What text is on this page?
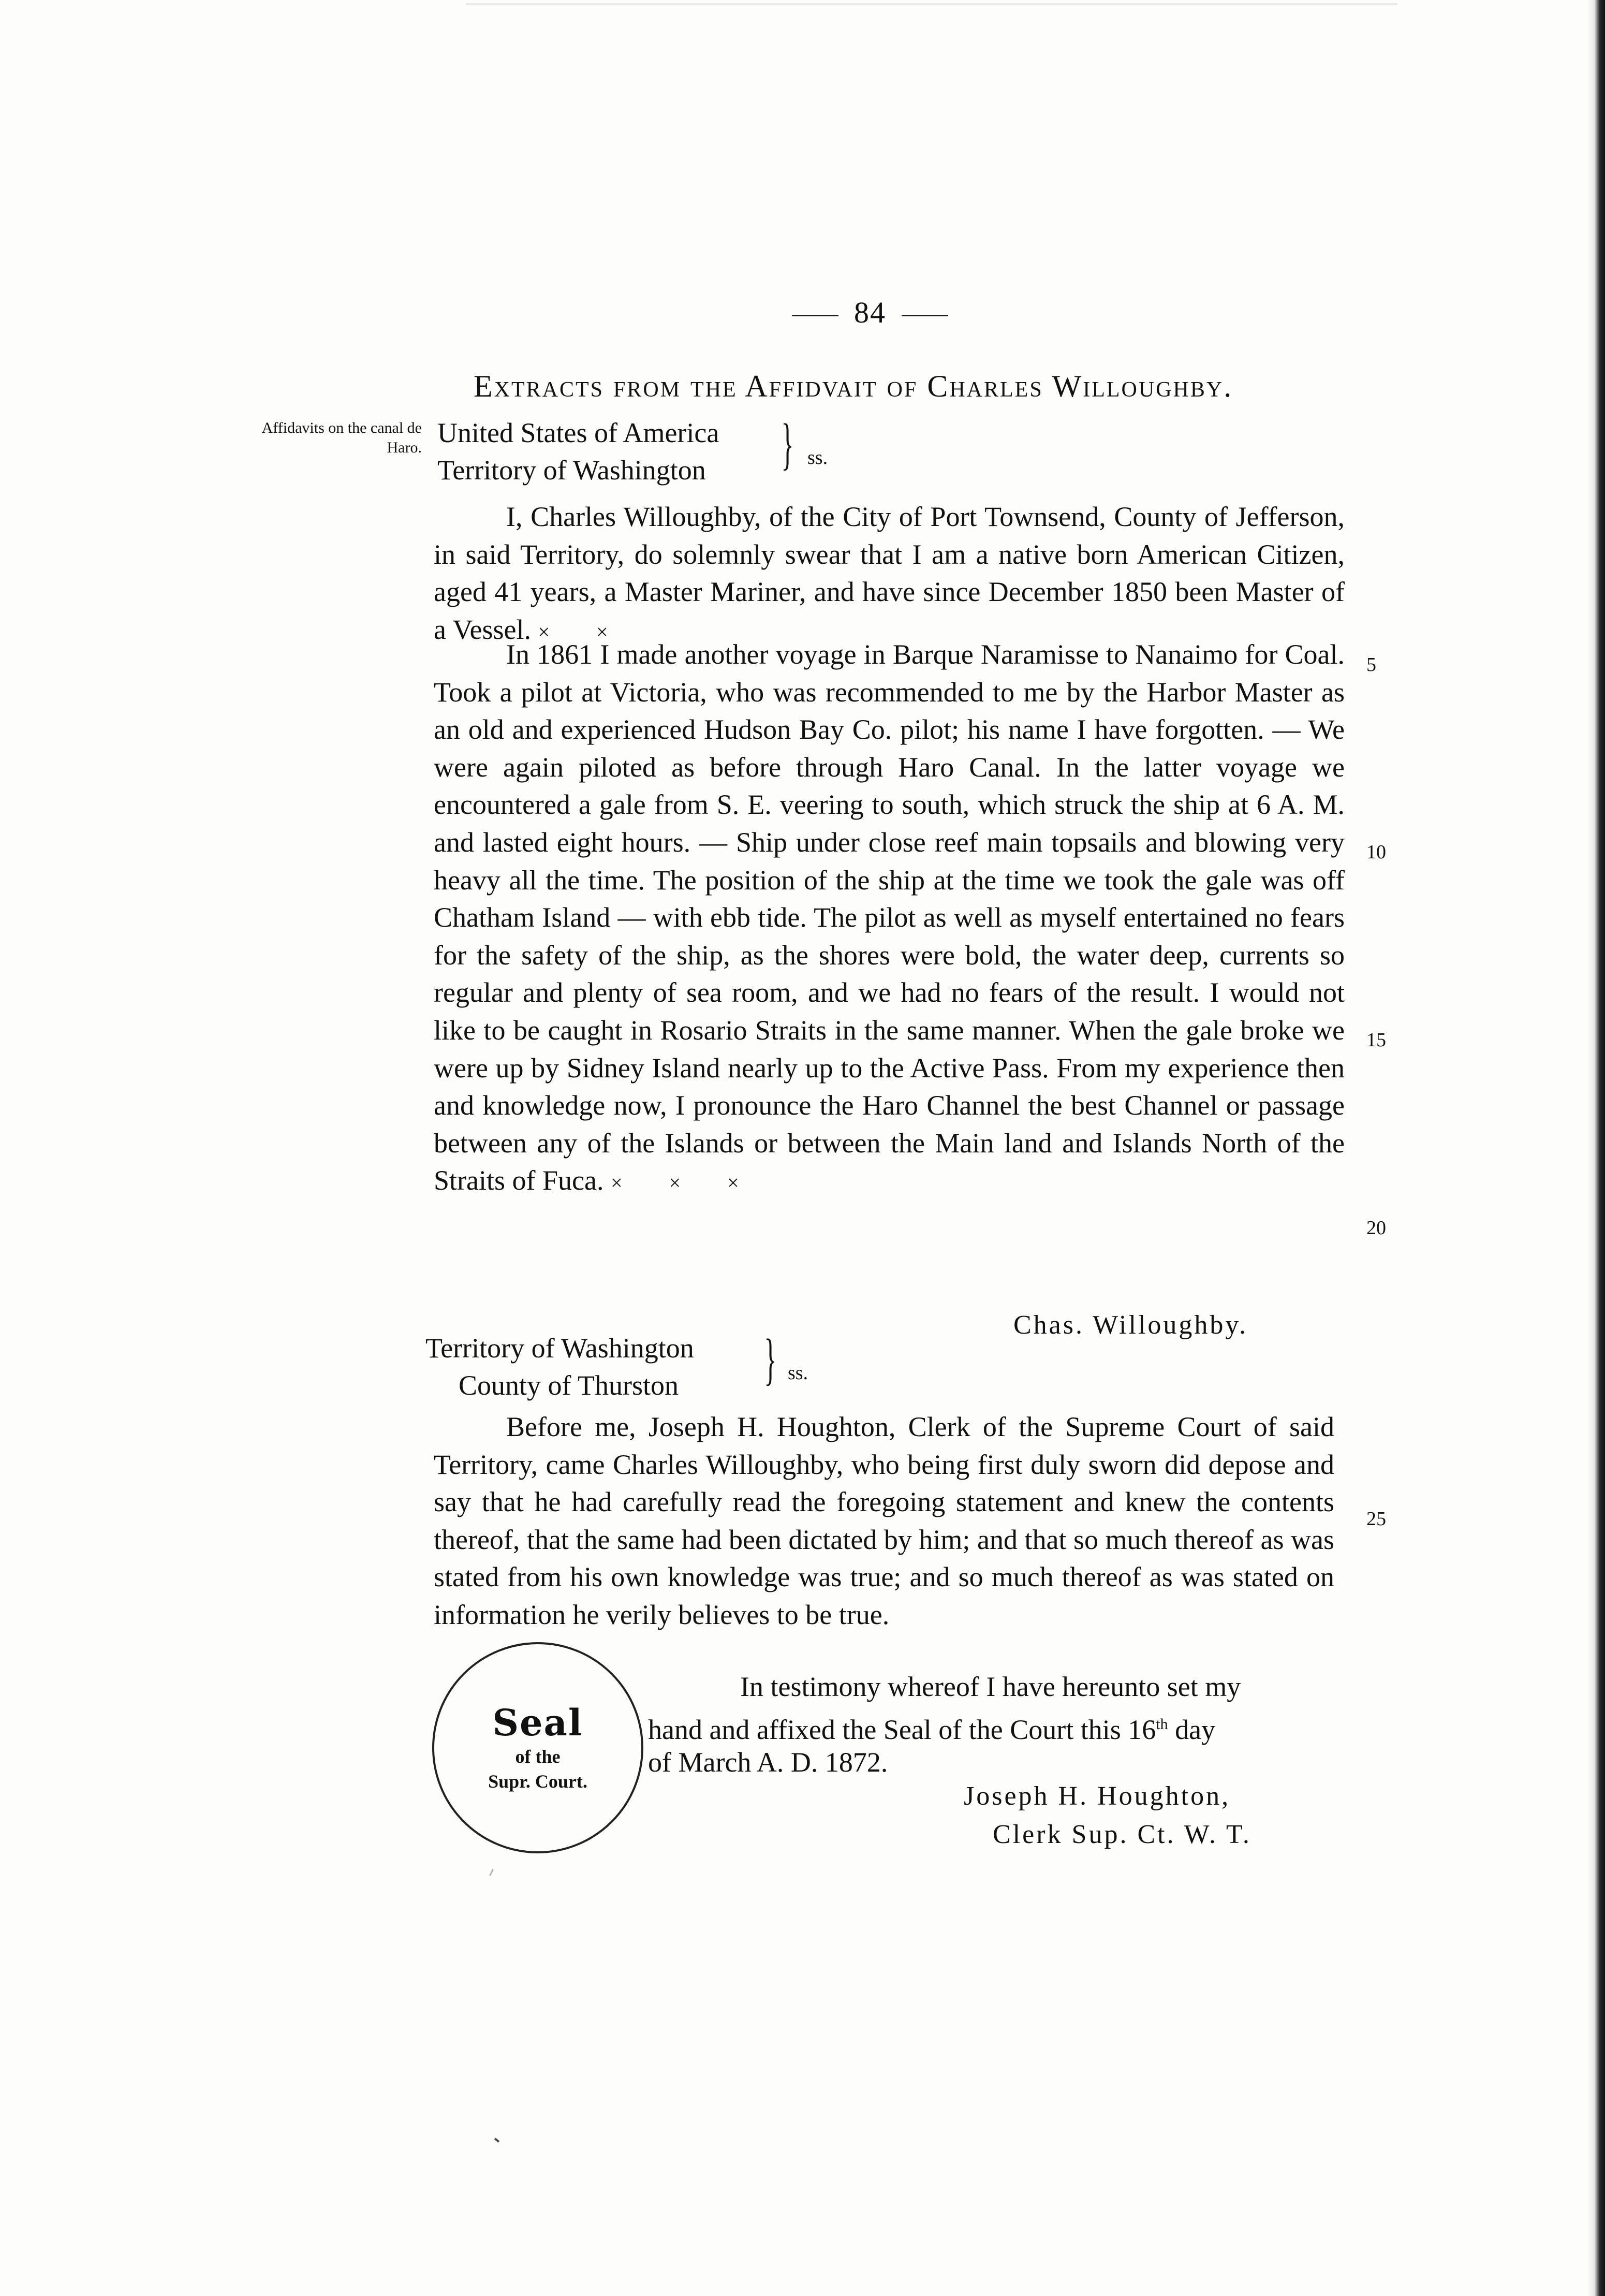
84
Extracts from the Affidvait of Charles Willoughby.
Affidavits on the canal de Haro. United States of America
Territory of Washington } ss.
I, Charles Willoughby, of the City of Port Townsend, County of Jefferson, in said Territory, do solemnly swear that I am a native born American Citizen, aged 41 years, a Master Mariner, and have since December 1850 been Master of a Vessel. × ×
In 1861 I made another voyage in Barque Naramisse to Nanaimo for Coal. Took a pilot at Victoria, who was recommended to me by the Harbor Master as an old and experienced Hudson Bay Co. pilot; his name I have forgotten. — We were again piloted as before through Haro Canal. In the latter voyage we encountered a gale from S. E. veering to south, which struck the ship at 6 A. M. and lasted eight hours. — Ship under close reef main topsails and blowing very heavy all the time. The position of the ship at the time we took the gale was off Chatham Island — with ebb tide. The pilot as well as myself entertained no fears for the safety of the ship, as the shores were bold, the water deep, currents so regular and plenty of sea room, and we had no fears of the result. I would not like to be caught in Rosario Straits in the same manner. When the gale broke we were up by Sidney Island nearly up to the Active Pass. From my experience then and knowledge now, I pronounce the Haro Channel the best Channel or passage between any of the Islands or between the Main land and Islands North of the Straits of Fuca. × × ×
Chas. Willoughby.
Territory of Washington
County of Thurston } ss.
Before me, Joseph H. Houghton, Clerk of the Supreme Court of said Territory, came Charles Willoughby, who being first duly sworn did depose and say that he had carefully read the foregoing statement and knew the contents thereof, that the same had been dictated by him; and that so much thereof as was stated from his own knowledge was true; and so much thereof as was stated on information he verily believes to be true.
Seal
of the
Supr. Court.
In testimony whereof I have hereunto set my
hand and affixed the Seal of the Court this 16th day
of March A. D. 1872.
Joseph H. Houghton,
Clerk Sup. Ct. W. T.
5
10
15
20
25
